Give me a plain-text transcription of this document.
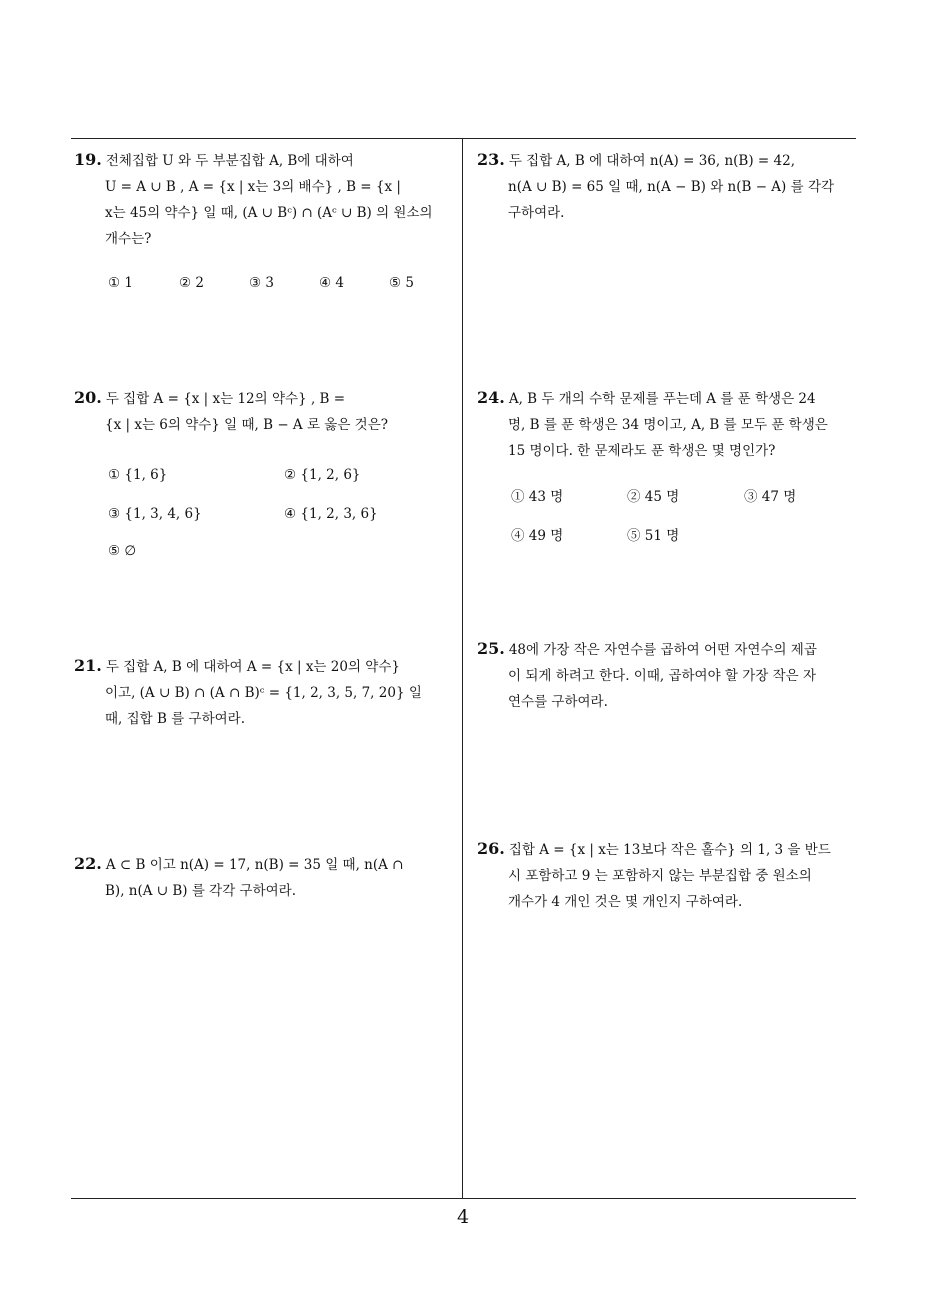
19. 전체집합 U 와 두 부분집합 A, B에 대하여
U = A ∪ B , A = {x | x는 3의 배수} , B = {x |
x는 45의 약수} 일 때, (A ∪ Bᶜ) ∩ (Aᶜ ∪ B) 의 원소의
개수는?
① 1	② 2	③ 3	④ 4	⑤ 5
20. 두 집합 A = {x | x는 12의 약수} , B =
{x | x는 6의 약수} 일 때, B − A 로 옳은 것은?
① {1, 6}	② {1, 2, 6}
③ {1, 3, 4, 6}	④ {1, 2, 3, 6}
⑤ ∅
21. 두 집합 A, B 에 대하여 A = {x | x는 20의 약수}
이고, (A ∪ B) ∩ (A ∩ B)ᶜ = {1, 2, 3, 5, 7, 20} 일
때, 집합 B 를 구하여라.
22. A ⊂ B 이고 n(A) = 17, n(B) = 35 일 때, n(A ∩
B), n(A ∪ B) 를 각각 구하여라.
23. 두 집합 A, B 에 대하여 n(A) = 36, n(B) = 42,
n(A ∪ B) = 65 일 때, n(A − B) 와 n(B − A) 를 각각
구하여라.
24. A, B 두 개의 수학 문제를 푸는데 A 를 푼 학생은 24
명, B 를 푼 학생은 34 명이고, A, B 를 모두 푼 학생은
15 명이다. 한 문제라도 푼 학생은 몇 명인가?
① 43 명	② 45 명	③ 47 명
④ 49 명	⑤ 51 명
25. 48에 가장 작은 자연수를 곱하여 어떤 자연수의 제곱
이 되게 하려고 한다. 이때, 곱하여야 할 가장 작은 자
연수를 구하여라.
26. 집합 A = {x | x는 13보다 작은 홀수} 의 1, 3 을 반드
시 포함하고 9 는 포함하지 않는 부분집합 중 원소의
개수가 4 개인 것은 몇 개인지 구하여라.
4
